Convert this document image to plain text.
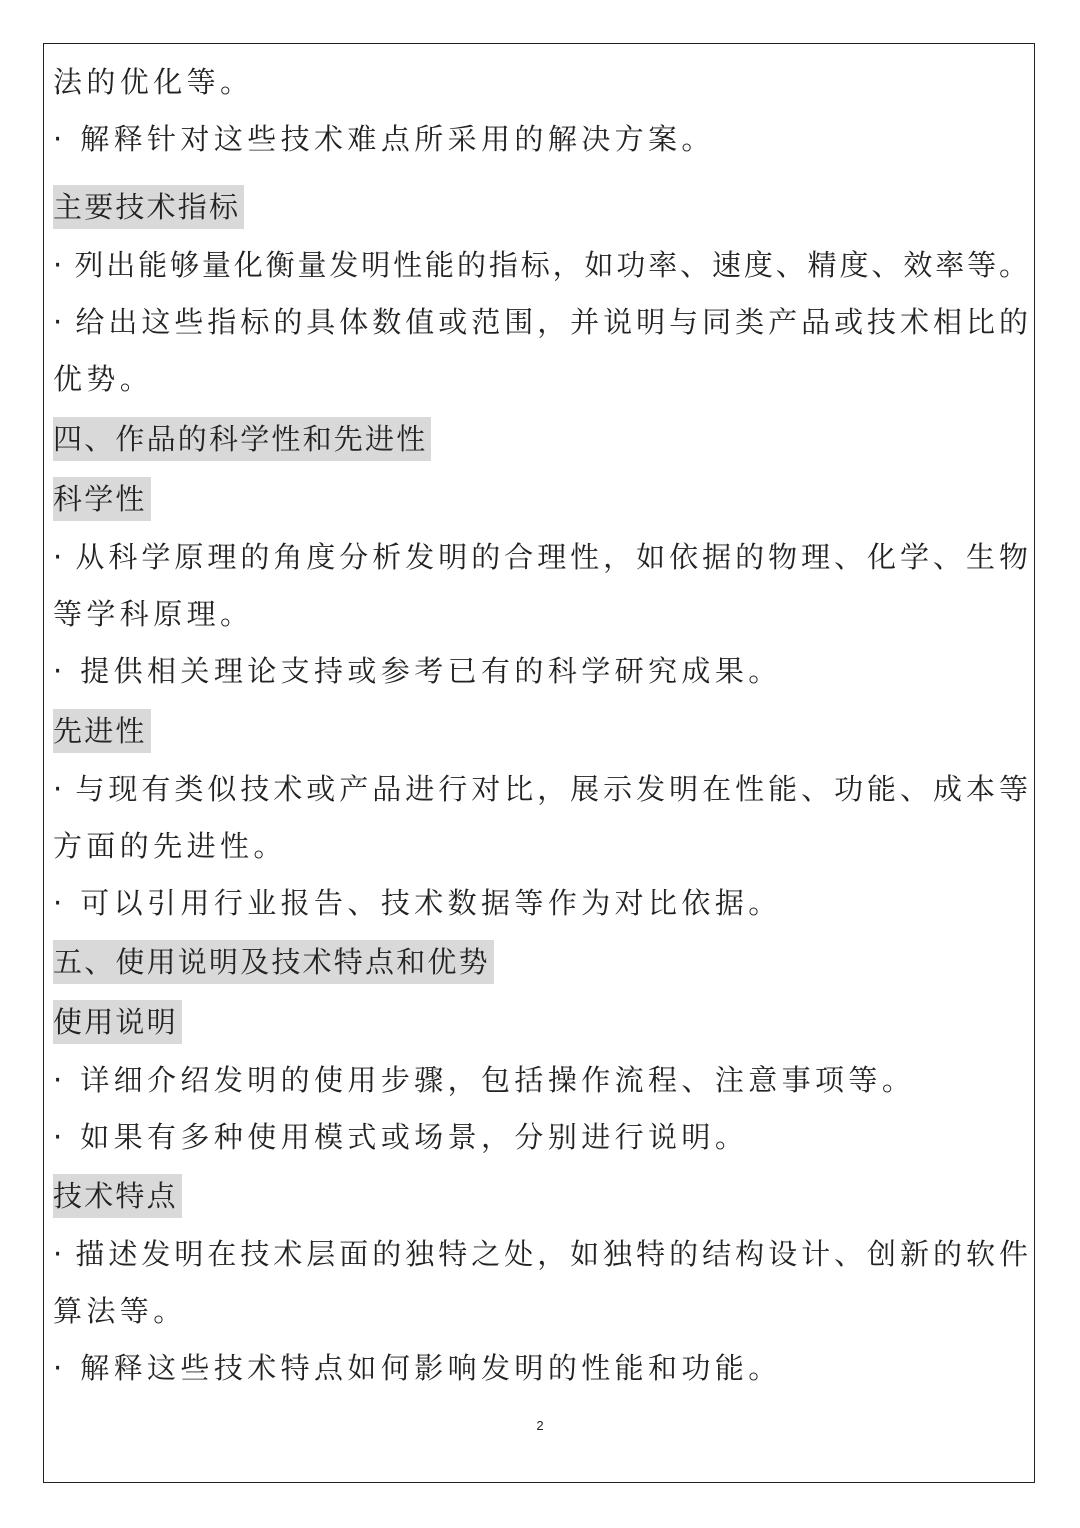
法的优化等。
· 解释针对这些技术难点所采用的解决方案。
主要技术指标
· 列出能够量化衡量发明性能的指标，如功率、速度、精度、效率等。
· 给出这些指标的具体数值或范围，并说明与同类产品或技术相比的
优势。
四、作品的科学性和先进性
科学性
· 从科学原理的角度分析发明的合理性，如依据的物理、化学、生物
等学科原理。
· 提供相关理论支持或参考已有的科学研究成果。
先进性
· 与现有类似技术或产品进行对比，展示发明在性能、功能、成本等
方面的先进性。
· 可以引用行业报告、技术数据等作为对比依据。
五、使用说明及技术特点和优势
使用说明
· 详细介绍发明的使用步骤，包括操作流程、注意事项等。
· 如果有多种使用模式或场景，分别进行说明。
技术特点
· 描述发明在技术层面的独特之处，如独特的结构设计、创新的软件
算法等。
· 解释这些技术特点如何影响发明的性能和功能。
2
